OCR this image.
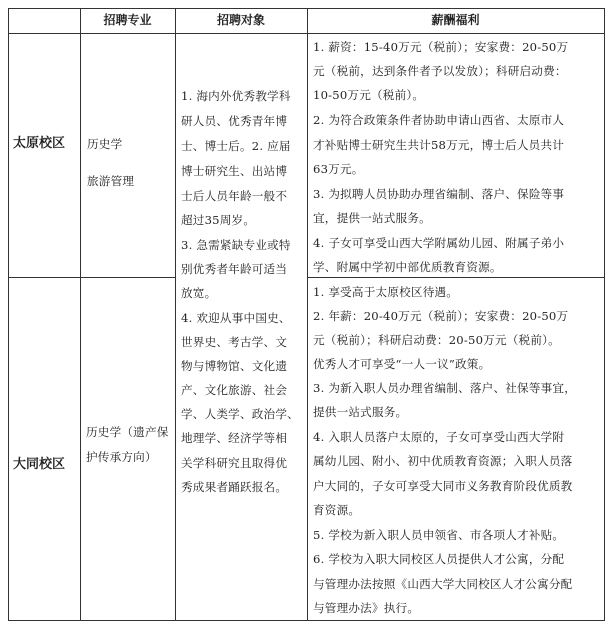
招聘专业	招聘对象	薪酬福利
太原校区 历史学
旅游管理
1. 薪资：15-40万元（税前）；安家费：20-50万
元（税前，达到条件者予以发放）；科研启动费：
10-50万元（税前）。
2. 为符合政策条件者协助申请山西省、太原市人
才补贴博士研究生共计58万元，博士后人员共计
63万元。
3. 为拟聘人员协助办理省编制、落户、保险等事
宜，提供一站式服务。
4. 子女可享受山西大学附属幼儿园、附属子弟小
学、附属中学初中部优质教育资源。
1. 海内外优秀教学科
研人员、优秀青年博
士、博士后。2. 应届
博士研究生、出站博
士后人员年龄一般不
超过35周岁。
3. 急需紧缺专业或特
别优秀者年龄可适当
放宽。
4. 欢迎从事中国史、
世界史、考古学、文
物与博物馆、文化遗
产、文化旅游、社会
学、人类学、政治学、
地理学、经济学等相
关学科研究且取得优
秀成果者踊跃报名。
大同校区
历史学（遗产保
护传承方向）
1. 享受高于太原校区待遇。
2. 年薪：20-40万元（税前）；安家费：20-50万
元（税前）；科研启动费：20-50万元（税前）。
优秀人才可享受“一人一议”政策。
3. 为新入职人员办理省编制、落户、社保等事宜，
提供一站式服务。
4. 入职人员落户太原的，子女可享受山西大学附
属幼儿园、附小、初中优质教育资源；入职人员落
户大同的，子女可享受大同市义务教育阶段优质教
育资源。
5. 学校为新入职人员申领省、市各项人才补贴。
6. 学校为入职大同校区人员提供人才公寓，分配
与管理办法按照《山西大学大同校区人才公寓分配
与管理办法》执行。
